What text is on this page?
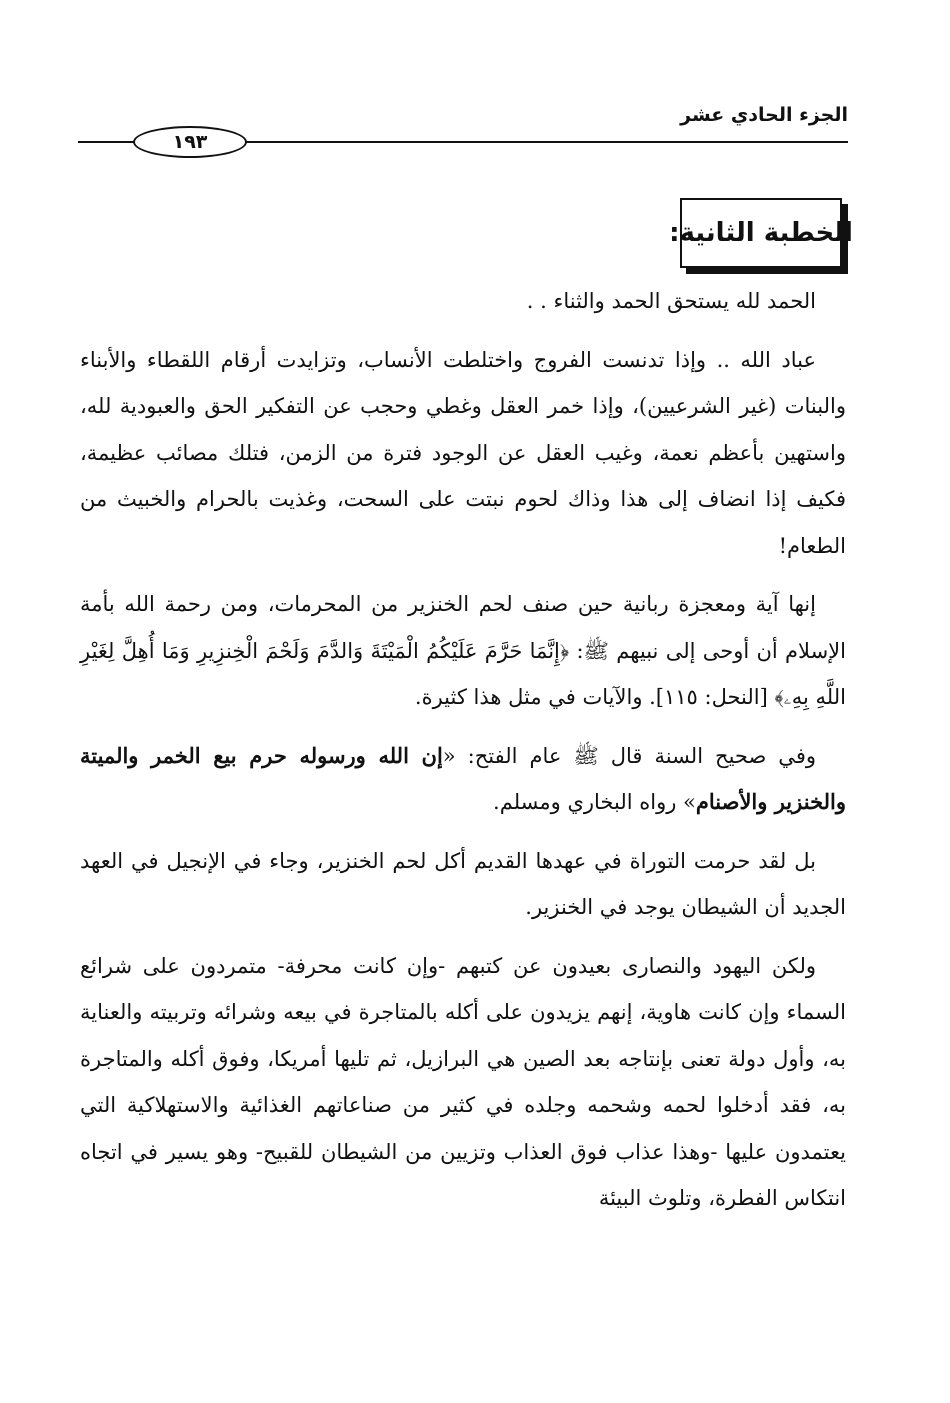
الجزء الحادي عشر
١٩٣
الخطبة الثانية:

الحمد لله يستحق الحمد والثناء . .

عباد الله .. وإذا تدنست الفروج واختلطت الأنساب، وتزايدت أرقام اللقطاء والأبناء والبنات (غير الشرعيين)، وإذا خمر العقل وغطي وحجب عن التفكير الحق والعبودية لله، واستهين بأعظم نعمة، وغيب العقل عن الوجود فترة من الزمن، فتلك مصائب عظيمة، فكيف إذا انضاف إلى هذا وذاك لحوم نبتت على السحت، وغذيت بالحرام والخبيث من الطعام!

إنها آية ومعجزة ربانية حين صنف لحم الخنزير من المحرمات، ومن رحمة الله بأمة الإسلام أن أوحى إلى نبيهم ﷺ: ﴿إِنَّمَا حَرَّمَ عَلَيْكُمُ الْمَيْتَةَ وَالدَّمَ وَلَحْمَ الْخِنزِيرِ وَمَا أُهِلَّ لِغَيْرِ اللَّهِ بِهِۦ﴾ [النحل: ١١٥]. والآيات في مثل هذا كثيرة.

وفي صحيح السنة قال ﷺ عام الفتح: «إن الله ورسوله حرم بيع الخمر والميتة والخنزير والأصنام» رواه البخاري ومسلم.

بل لقد حرمت التوراة في عهدها القديم أكل لحم الخنزير، وجاء في الإنجيل في العهد الجديد أن الشيطان يوجد في الخنزير.

ولكن اليهود والنصارى بعيدون عن كتبهم -وإن كانت محرفة- متمردون على شرائع السماء وإن كانت هاوية، إنهم يزيدون على أكله بالمتاجرة في بيعه وشرائه وتربيته والعناية به، وأول دولة تعنى بإنتاجه بعد الصين هي البرازيل، ثم تليها أمريكا، وفوق أكله والمتاجرة به، فقد أدخلوا لحمه وشحمه وجلده في كثير من صناعاتهم الغذائية والاستهلاكية التي يعتمدون عليها -وهذا عذاب فوق العذاب وتزيين من الشيطان للقبيح- وهو يسير في اتجاه انتكاس الفطرة، وتلوث البيئة
